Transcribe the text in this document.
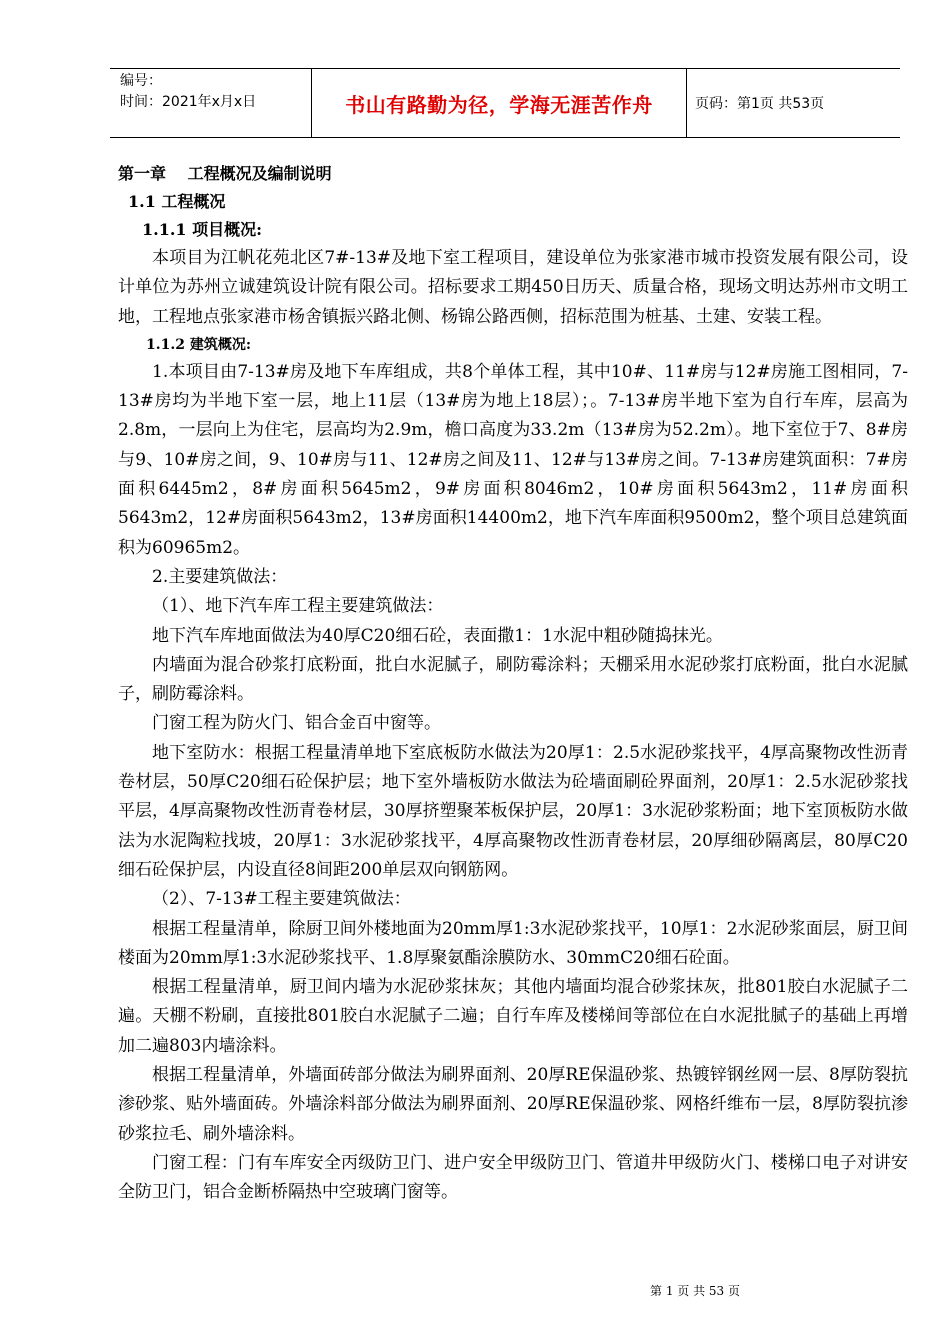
编号：
时间：2021年x月x日	书山有路勤为径，学海无涯苦作舟	页码：第1页 共53页

第一章　 工程概况及编制说明

1.1 工程概况

1.1.1 项目概况:

本项目为江帆花苑北区7#-13#及地下室工程项目，建设单位为张家港市城市投资发展有限公司，设计单位为苏州立诚建筑设计院有限公司。招标要求工期450日历天、质量合格，现场文明达苏州市文明工地，工程地点张家港市杨舍镇振兴路北侧、杨锦公路西侧，招标范围为桩基、土建、安装工程。

1.1.2 建筑概况:

1.本项目由7-13#房及地下车库组成，共8个单体工程，其中10#、11#房与12#房施工图相同，7-13#房均为半地下室一层，地上11层（13#房为地上18层）；。7-13#房半地下室为自行车库，层高为2.8m，一层向上为住宅，层高均为2.9m，檐口高度为33.2m（13#房为52.2m）。地下室位于7、8#房与9、10#房之间，9、10#房与11、12#房之间及11、12#与13#房之间。7-13#房建筑面积：7#房面积6445m2，8#房面积5645m2，9#房面积8046m2，10#房面积5643m2，11#房面积5643m2，12#房面积5643m2，13#房面积14400m2，地下汽车库面积9500m2，整个项目总建筑面积为60965m2。

2.主要建筑做法：

（1）、地下汽车库工程主要建筑做法：

地下汽车库地面做法为40厚C20细石砼，表面撒1：1水泥中粗砂随捣抹光。

内墙面为混合砂浆打底粉面，批白水泥腻子，刷防霉涂料；天棚采用水泥砂浆打底粉面，批白水泥腻子，刷防霉涂料。

门窗工程为防火门、铝合金百中窗等。

地下室防水：根据工程量清单地下室底板防水做法为20厚1：2.5水泥砂浆找平，4厚高聚物改性沥青卷材层，50厚C20细石砼保护层；地下室外墙板防水做法为砼墙面刷砼界面剂，20厚1：2.5水泥砂浆找平层，4厚高聚物改性沥青卷材层，30厚挤塑聚苯板保护层，20厚1：3水泥砂浆粉面；地下室顶板防水做法为水泥陶粒找坡，20厚1：3水泥砂浆找平，4厚高聚物改性沥青卷材层，20厚细砂隔离层，80厚C20细石砼保护层，内设直径8间距200单层双向钢筋网。

（2）、7-13#工程主要建筑做法：

根据工程量清单，除厨卫间外楼地面为20mm厚1:3水泥砂浆找平，10厚1：2水泥砂浆面层，厨卫间楼面为20mm厚1:3水泥砂浆找平、1.8厚聚氨酯涂膜防水、30mmC20细石砼面。

根据工程量清单，厨卫间内墙为水泥砂浆抹灰；其他内墙面均混合砂浆抹灰，批801胶白水泥腻子二遍。天棚不粉刷，直接批801胶白水泥腻子二遍；自行车库及楼梯间等部位在白水泥批腻子的基础上再增加二遍803内墙涂料。

根据工程量清单，外墙面砖部分做法为刷界面剂、20厚RE保温砂浆、热镀锌钢丝网一层、8厚防裂抗渗砂浆、贴外墙面砖。外墙涂料部分做法为刷界面剂、20厚RE保温砂浆、网格纤维布一层，8厚防裂抗渗砂浆拉毛、刷外墙涂料。

门窗工程：门有车库安全丙级防卫门、进户安全甲级防卫门、管道井甲级防火门、楼梯口电子对讲安全防卫门，铝合金断桥隔热中空玻璃门窗等。

第 1 页 共 53 页
